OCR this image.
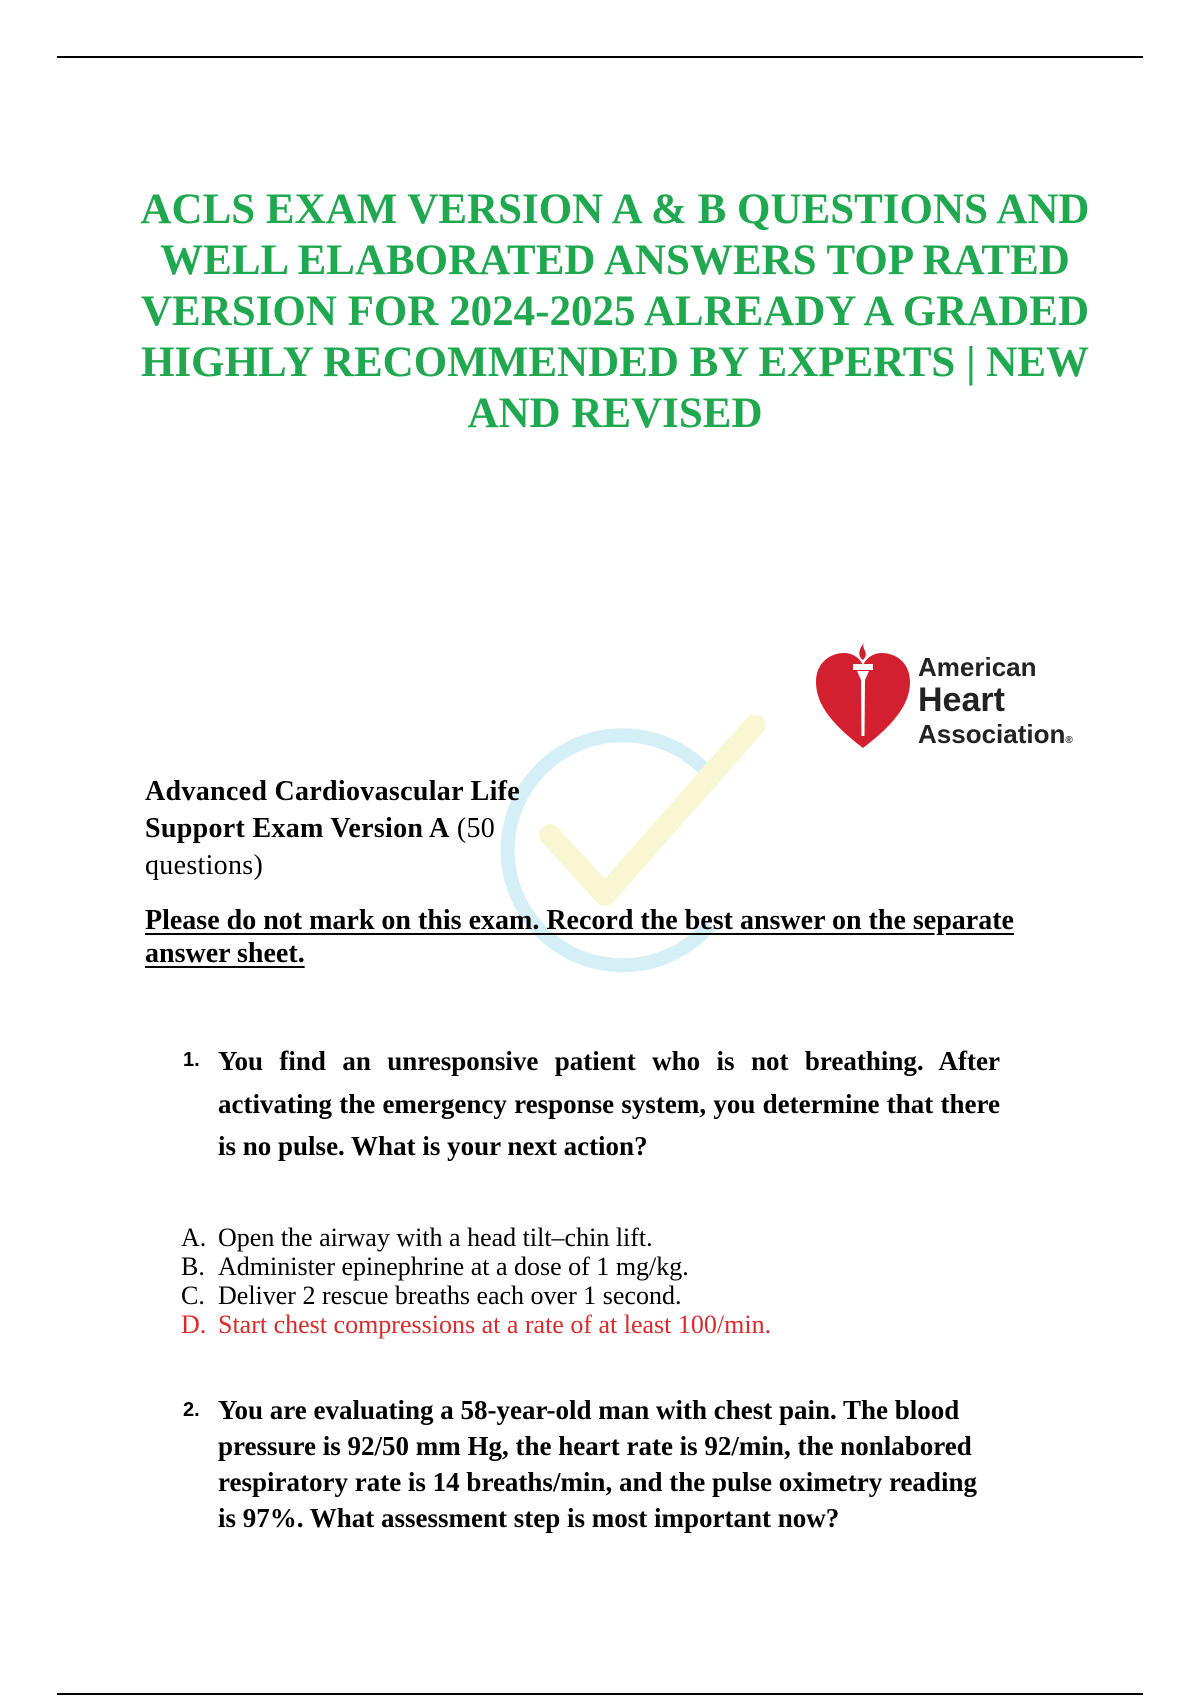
ACLS EXAM VERSION A & B QUESTIONS AND WELL ELABORATED ANSWERS TOP RATED VERSION FOR 2024-2025 ALREADY A GRADED HIGHLY RECOMMENDED BY EXPERTS | NEW AND REVISED
American
Heart
Association®
Advanced Cardiovascular Life Support Exam Version A (50 questions)
Please do not mark on this exam. Record the best answer on the separate answer sheet.
1. You find an unresponsive patient who is not breathing. After activating the emergency response system, you determine that there is no pulse. What is your next action?
A. Open the airway with a head tilt–chin lift.
B. Administer epinephrine at a dose of 1 mg/kg.
C. Deliver 2 rescue breaths each over 1 second.
D. Start chest compressions at a rate of at least 100/min.
2. You are evaluating a 58-year-old man with chest pain. The blood pressure is 92/50 mm Hg, the heart rate is 92/min, the nonlabored respiratory rate is 14 breaths/min, and the pulse oximetry reading is 97%. What assessment step is most important now?
